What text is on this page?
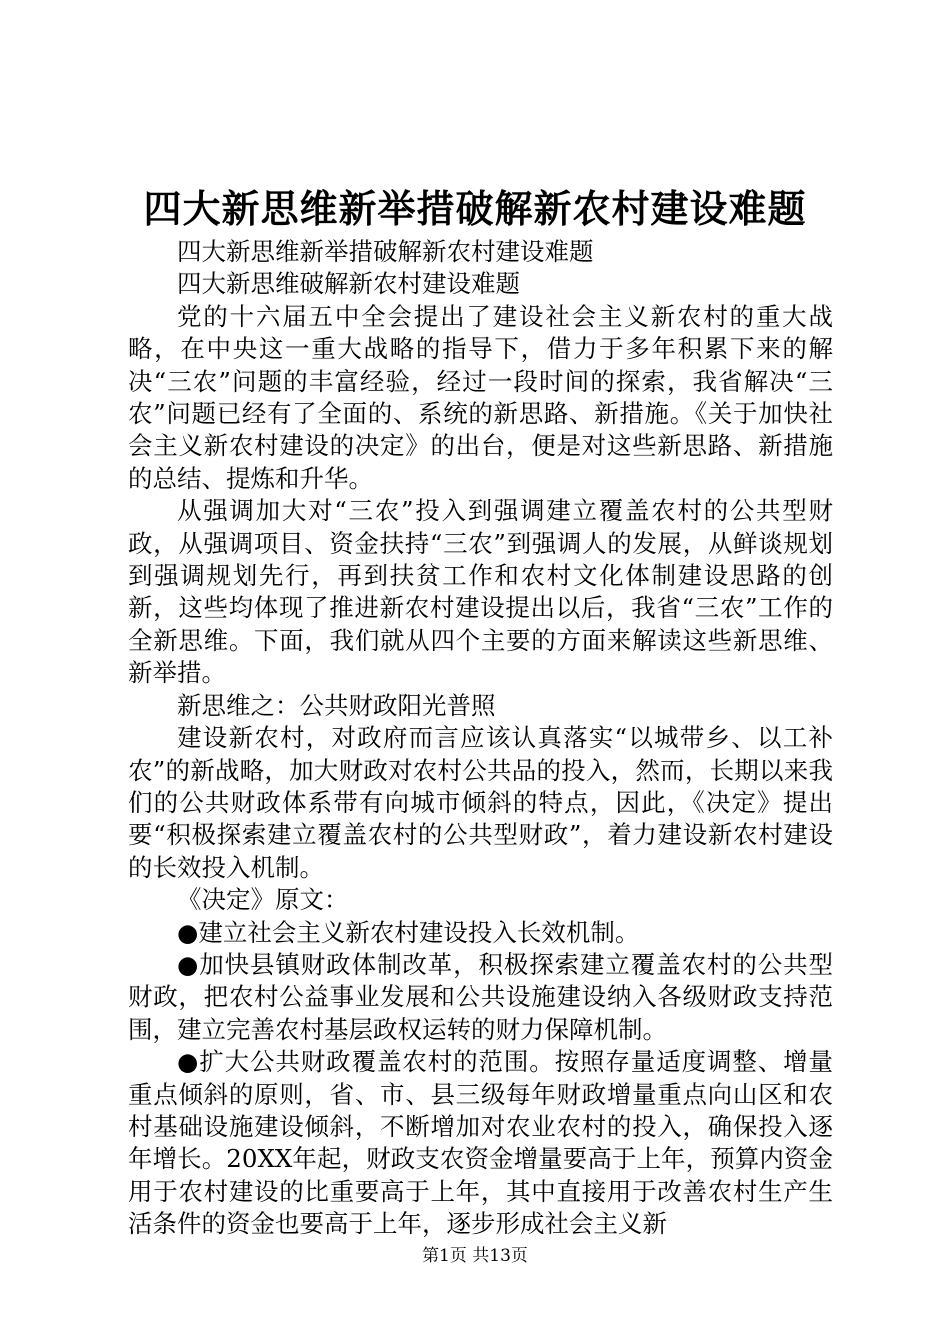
四大新思维新举措破解新农村建设难题

四大新思维新举措破解新农村建设难题

四大新思维破解新农村建设难题

党的十六届五中全会提出了建设社会主义新农村的重大战略，在中央这一重大战略的指导下，借力于多年积累下来的解决“三农”问题的丰富经验，经过一段时间的探索，我省解决“三农”问题已经有了全面的、系统的新思路、新措施。《关于加快社会主义新农村建设的决定》的出台，便是对这些新思路、新措施的总结、提炼和升华。

从强调加大对“三农”投入到强调建立覆盖农村的公共型财政，从强调项目、资金扶持“三农”到强调人的发展，从鲜谈规划到强调规划先行，再到扶贫工作和农村文化体制建设思路的创新，这些均体现了推进新农村建设提出以后，我省“三农”工作的全新思维。下面，我们就从四个主要的方面来解读这些新思维、新举措。

新思维之：公共财政阳光普照

建设新农村，对政府而言应该认真落实“以城带乡、以工补农”的新战略，加大财政对农村公共品的投入，然而，长期以来我们的公共财政体系带有向城市倾斜的特点，因此，《决定》提出要“积极探索建立覆盖农村的公共型财政”，着力建设新农村建设的长效投入机制。

《决定》原文：

●建立社会主义新农村建设投入长效机制。

●加快县镇财政体制改革，积极探索建立覆盖农村的公共型财政，把农村公益事业发展和公共设施建设纳入各级财政支持范围，建立完善农村基层政权运转的财力保障机制。

●扩大公共财政覆盖农村的范围。按照存量适度调整、增量重点倾斜的原则，省、市、县三级每年财政增量重点向山区和农村基础设施建设倾斜，不断增加对农业农村的投入，确保投入逐年增长。20XX年起，财政支农资金增量要高于上年，预算内资金用于农村建设的比重要高于上年，其中直接用于改善农村生产生活条件的资金也要高于上年，逐步形成社会主义新

第1页 共13页
